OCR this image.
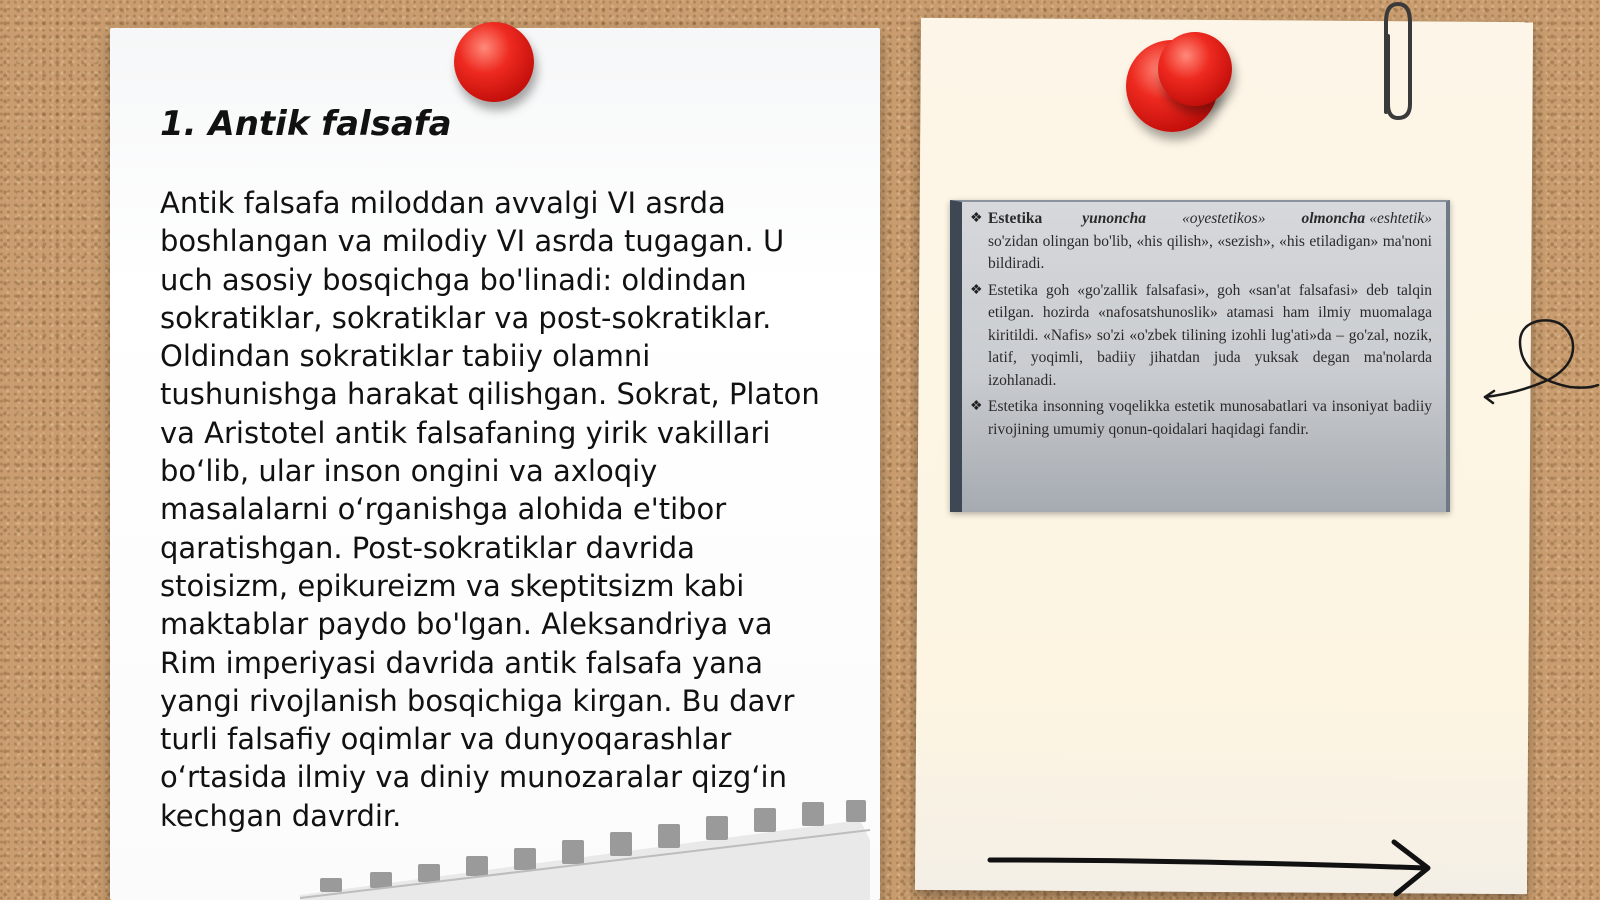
1. Antik falsafa

Antik falsafa miloddan avvalgi VI asrda boshlangan va milodiy VI asrda tugagan. U uch asosiy bosqichga bo'linadi: oldindan sokratiklar, sokratiklar va post-sokratiklar. Oldindan sokratiklar tabiiy olamni tushunishga harakat qilishgan. Sokrat, Platon va Aristotel antik falsafaning yirik vakillari bo‘lib, ular inson ongini va axloqiy masalalarni o‘rganishga alohida e'tibor qaratishgan. Post-sokratiklar davrida stoisizm, epikureizm va skeptitsizm kabi maktablar paydo bo'lgan. Aleksandriya va Rim imperiyasi davrida antik falsafa yana yangi rivojlanish bosqichiga kirgan. Bu davr turli falsafiy oqimlar va dunyoqarashlar o‘rtasida ilmiy va diniy munozaralar qizg‘in kechgan davrdir.

❖ Estetika	yunoncha «oyestetikos» olmoncha «eshtetik» so'zidan olingan bo'lib, «his qilish», «sezish», «his etiladigan» ma'noni bildiradi.

❖ Estetika goh «go'zallik falsafasi», goh «san'at falsafasi» deb talqin etilgan. hozirda «nafosatshunoslik» atamasi ham ilmiy muomalaga kiritildi. «Nafis» so'zi «o'zbek tilining izohli lug'ati»da – go'zal, nozik, latif, yoqimli, badiiy jihatdan juda yuksak degan ma'nolarda izohlanadi.

❖ Estetika insonning voqelikka estetik munosabatlari va insoniyat badiiy rivojining umumiy qonun-qoidalari haqidagi fandir.
